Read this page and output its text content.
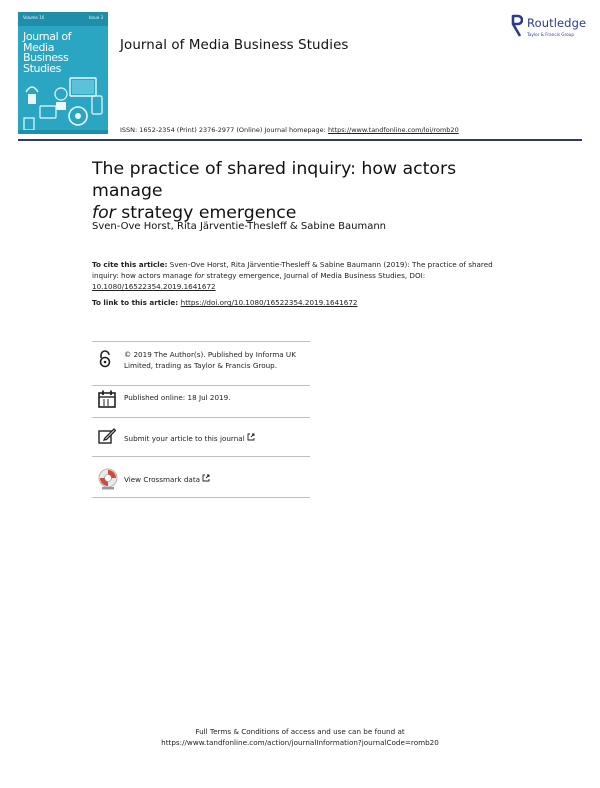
Volume 16	Issue 3
Journal of
Media
Business
Studies
Journal of Media Business Studies
Routledge
Taylor & Francis Group
ISSN: 1652-2354 (Print) 2376-2977 (Online) Journal homepage: https://www.tandfonline.com/loi/romb20
The practice of shared inquiry: how actors manage
for strategy emergence
Sven-Ove Horst, Rita Järventie-Thesleff & Sabine Baumann
To cite this article: Sven-Ove Horst, Rita Järventie-Thesleff & Sabine Baumann (2019): The practice of shared inquiry: how actors manage for strategy emergence, Journal of Media Business Studies, DOI: 10.1080/16522354.2019.1641672
To link to this article: https://doi.org/10.1080/16522354.2019.1641672
© 2019 The Author(s). Published by Informa UK Limited, trading as Taylor & Francis Group.
Published online: 18 Jul 2019.
Submit your article to this journal
View Crossmark data
Full Terms & Conditions of access and use can be found at
https://www.tandfonline.com/action/journalInformation?journalCode=romb20
